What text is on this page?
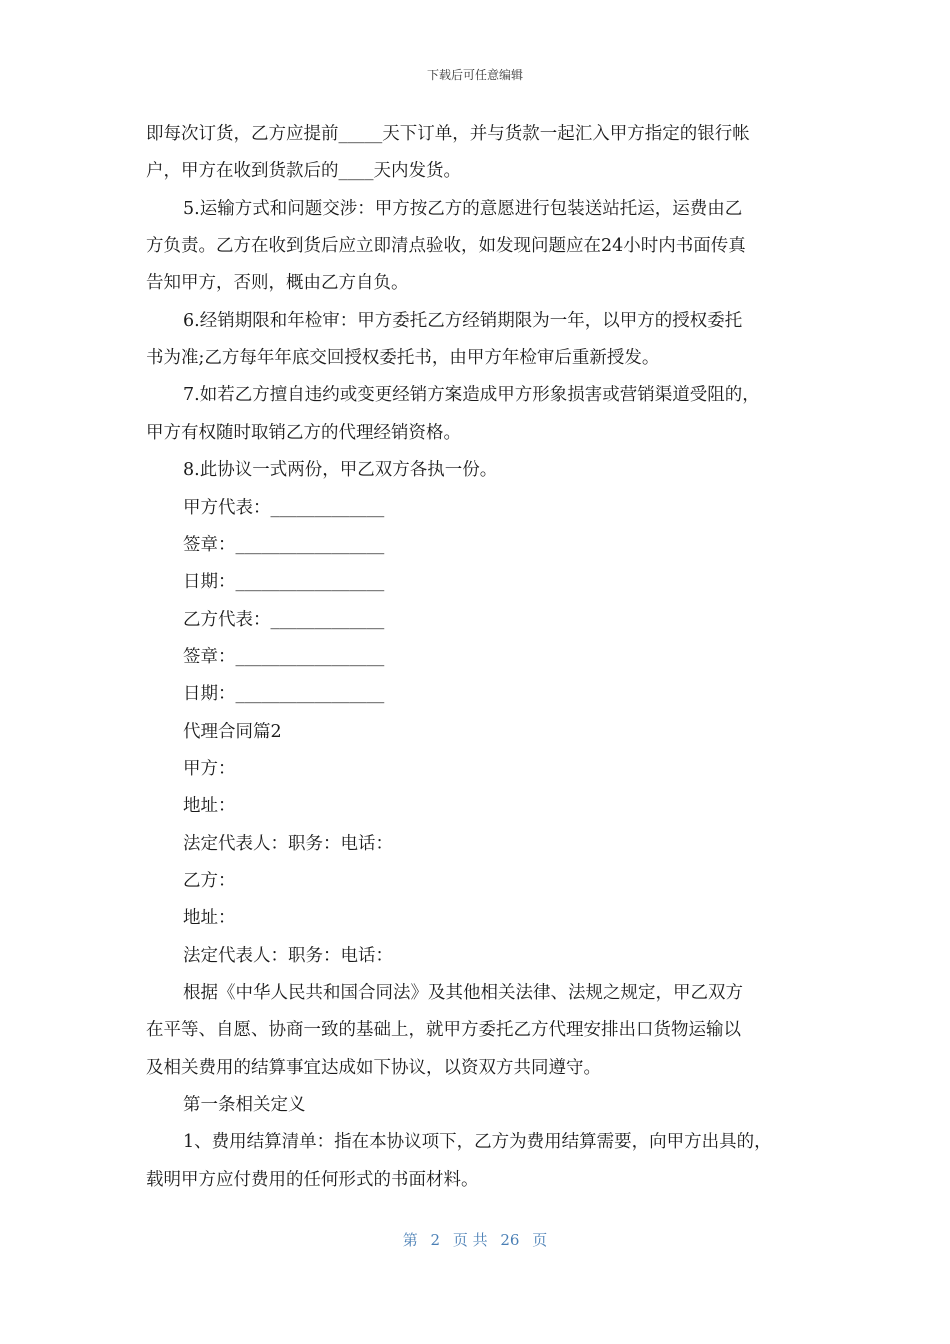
下载后可任意编辑
即每次订货，乙方应提前_____天下订单，并与货款一起汇入甲方指定的银行帐
户，甲方在收到货款后的____天内发货。
5.运输方式和问题交涉：甲方按乙方的意愿进行包装送站托运，运费由乙
方负责。乙方在收到货后应立即清点验收，如发现问题应在24小时内书面传真
告知甲方，否则，概由乙方自负。
6.经销期限和年检审：甲方委托乙方经销期限为一年，以甲方的授权委托
书为准;乙方每年年底交回授权委托书，由甲方年检审后重新授发。
7.如若乙方擅自违约或变更经销方案造成甲方形象损害或营销渠道受阻的，
甲方有权随时取销乙方的代理经销资格。
8.此协议一式两份，甲乙双方各执一份。
甲方代表：_____________
签章：_________________
日期：_________________
乙方代表：_____________
签章：_________________
日期：_________________
代理合同篇2
甲方：
地址：
法定代表人：职务：电话：
乙方：
地址：
法定代表人：职务：电话：
根据《中华人民共和国合同法》及其他相关法律、法规之规定，甲乙双方
在平等、自愿、协商一致的基础上，就甲方委托乙方代理安排出口货物运输以
及相关费用的结算事宜达成如下协议，以资双方共同遵守。
第一条相关定义
1、费用结算清单：指在本协议项下，乙方为费用结算需要，向甲方出具的，
载明甲方应付费用的任何形式的书面材料。
第 2 页 共 26 页
